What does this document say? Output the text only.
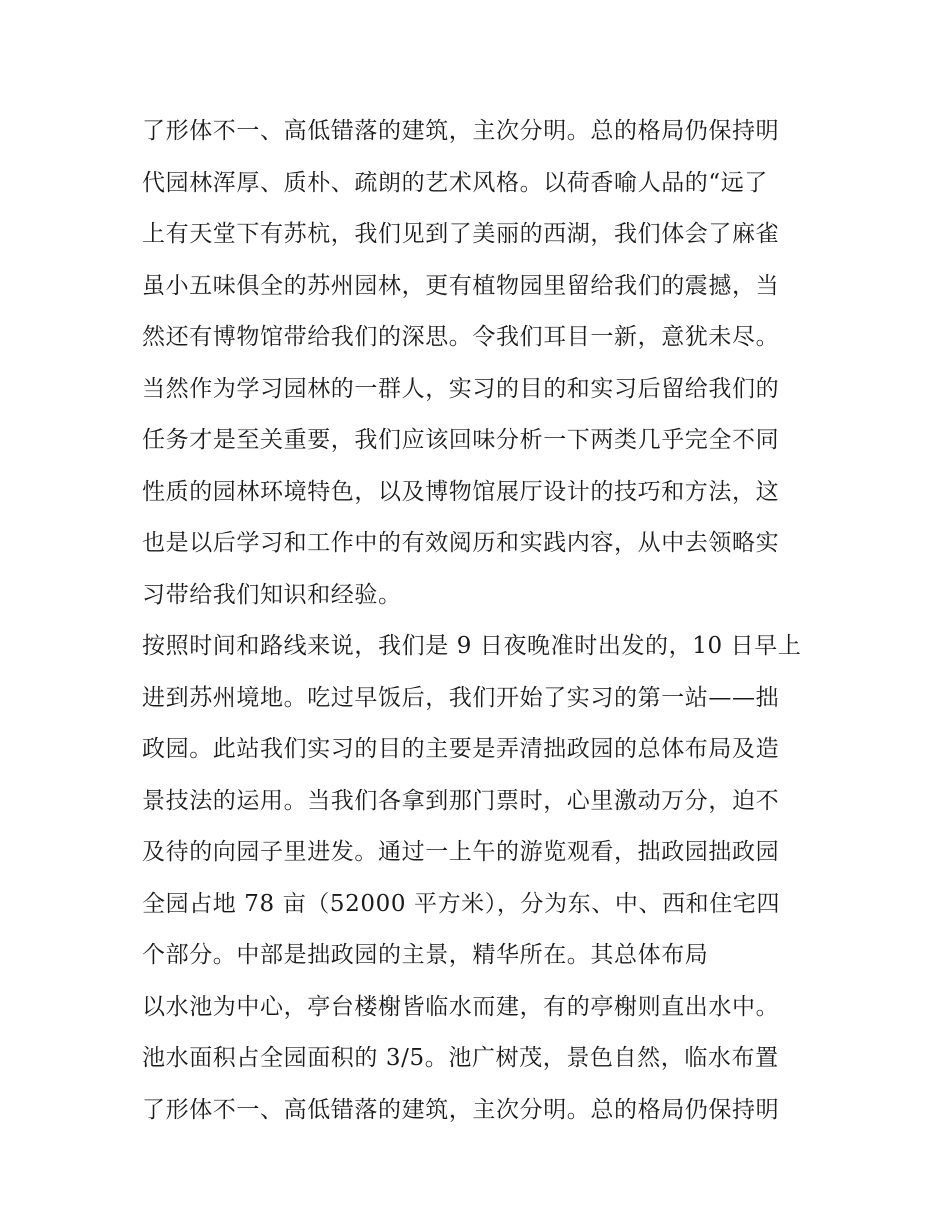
了形体不一、高低错落的建筑，主次分明。总的格局仍保持明
代园林浑厚、质朴、疏朗的艺术风格。以荷香喻人品的“远了
上有天堂下有苏杭，我们见到了美丽的西湖，我们体会了麻雀
虽小五味俱全的苏州园林，更有植物园里留给我们的震撼，当
然还有博物馆带给我们的深思。令我们耳目一新，意犹未尽。
当然作为学习园林的一群人，实习的目的和实习后留给我们的
任务才是至关重要，我们应该回味分析一下两类几乎完全不同
性质的园林环境特色，以及博物馆展厅设计的技巧和方法，这
也是以后学习和工作中的有效阅历和实践内容，从中去领略实
习带给我们知识和经验。
按照时间和路线来说，我们是 9 日夜晚准时出发的，10 日早上
进到苏州境地。吃过早饭后，我们开始了实习的第一站——拙
政园。此站我们实习的目的主要是弄清拙政园的总体布局及造
景技法的运用。当我们各拿到那门票时，心里激动万分，迫不
及待的向园子里进发。通过一上午的游览观看，拙政园拙政园
全园占地 78 亩（52000 平方米），分为东、中、西和住宅四
个部分。中部是拙政园的主景，精华所在。其总体布局
以水池为中心，亭台楼榭皆临水而建，有的亭榭则直出水中。
池水面积占全园面积的 3/5。池广树茂，景色自然，临水布置
了形体不一、高低错落的建筑，主次分明。总的格局仍保持明
